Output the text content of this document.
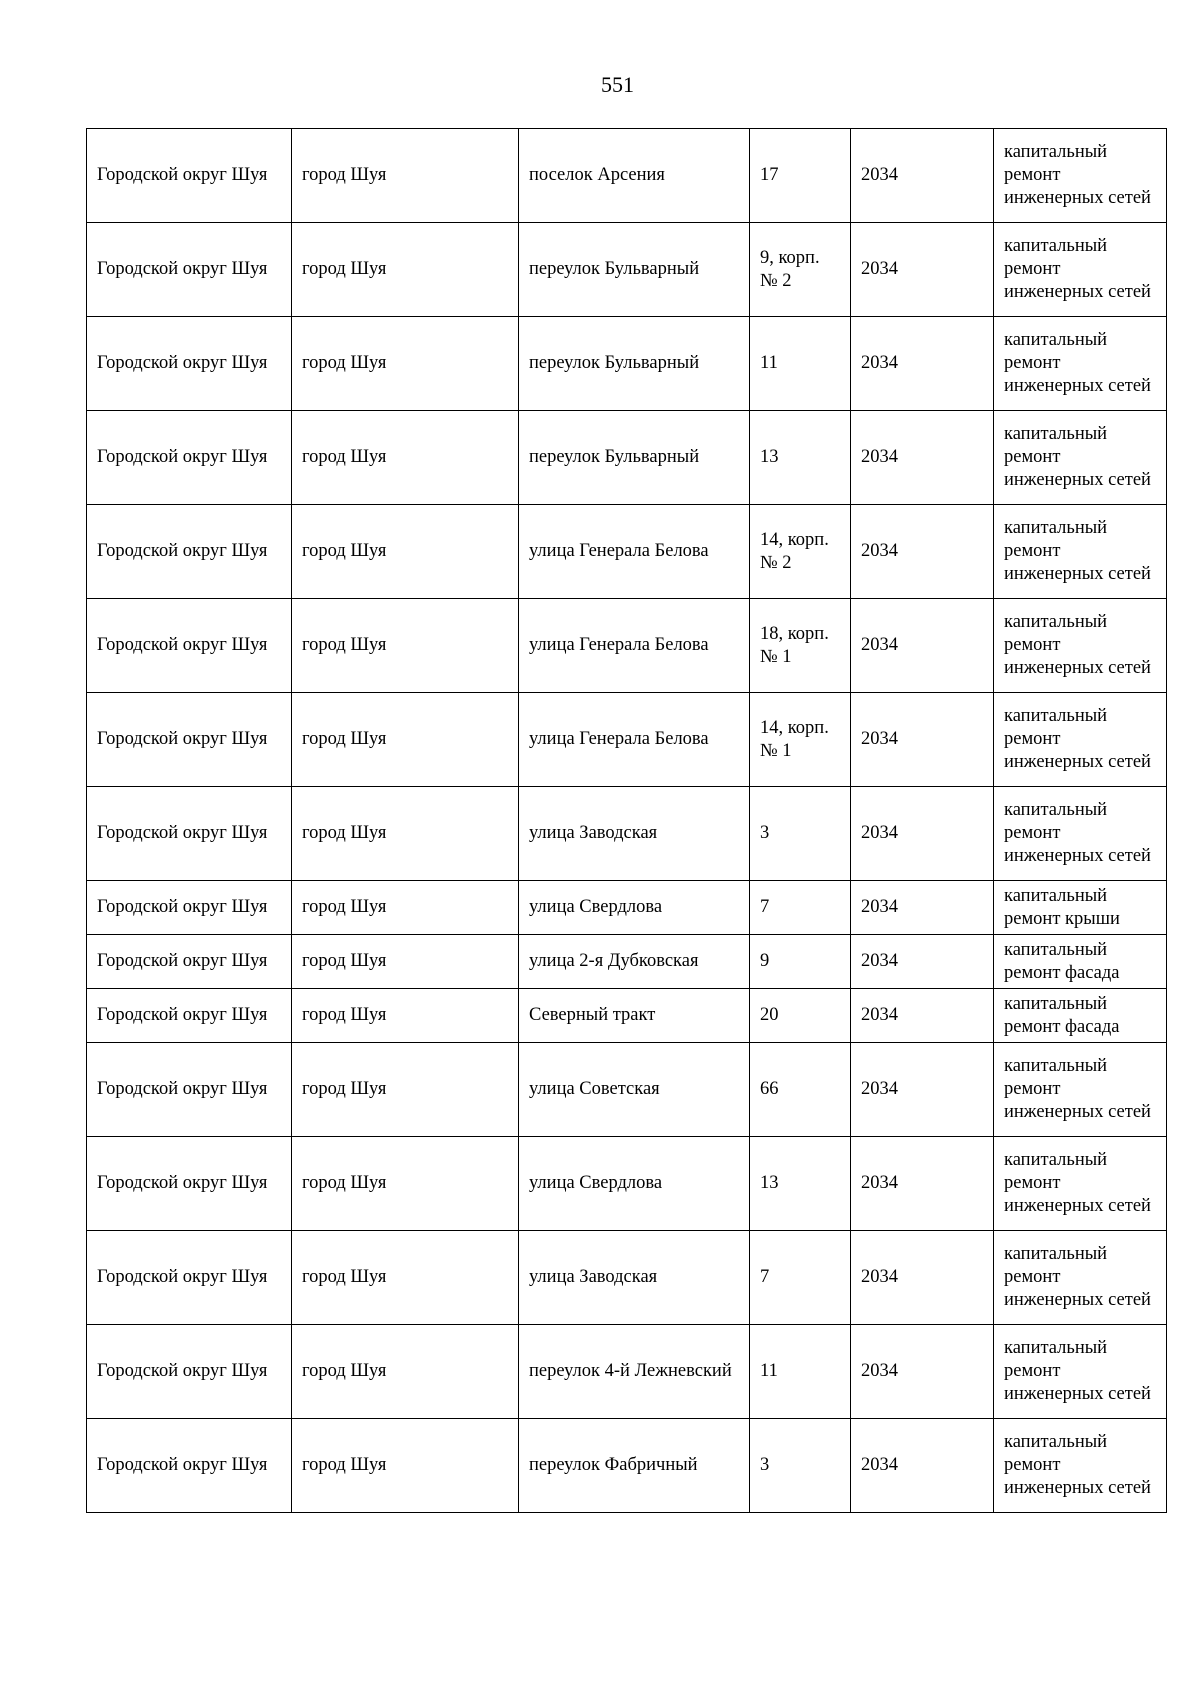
551
Городской округ Шуя	город Шуя	поселок Арсения	17	2034	капитальный ремонт инженерных сетей
Городской округ Шуя	город Шуя	переулок Бульварный	9, корп. № 2	2034	капитальный ремонт инженерных сетей
Городской округ Шуя	город Шуя	переулок Бульварный	11	2034	капитальный ремонт инженерных сетей
Городской округ Шуя	город Шуя	переулок Бульварный	13	2034	капитальный ремонт инженерных сетей
Городской округ Шуя	город Шуя	улица Генерала Белова	14, корп. № 2	2034	капитальный ремонт инженерных сетей
Городской округ Шуя	город Шуя	улица Генерала Белова	18, корп. № 1	2034	капитальный ремонт инженерных сетей
Городской округ Шуя	город Шуя	улица Генерала Белова	14, корп. № 1	2034	капитальный ремонт инженерных сетей
Городской округ Шуя	город Шуя	улица Заводская	3	2034	капитальный ремонт инженерных сетей
Городской округ Шуя	город Шуя	улица Свердлова	7	2034	капитальный ремонт крыши
Городской округ Шуя	город Шуя	улица 2-я Дубковская	9	2034	капитальный ремонт фасада
Городской округ Шуя	город Шуя	Северный тракт	20	2034	капитальный ремонт фасада
Городской округ Шуя	город Шуя	улица Советская	66	2034	капитальный ремонт инженерных сетей
Городской округ Шуя	город Шуя	улица Свердлова	13	2034	капитальный ремонт инженерных сетей
Городской округ Шуя	город Шуя	улица Заводская	7	2034	капитальный ремонт инженерных сетей
Городской округ Шуя	город Шуя	переулок 4-й Лежневский	11	2034	капитальный ремонт инженерных сетей
Городской округ Шуя	город Шуя	переулок Фабричный	3	2034	капитальный ремонт инженерных сетей
